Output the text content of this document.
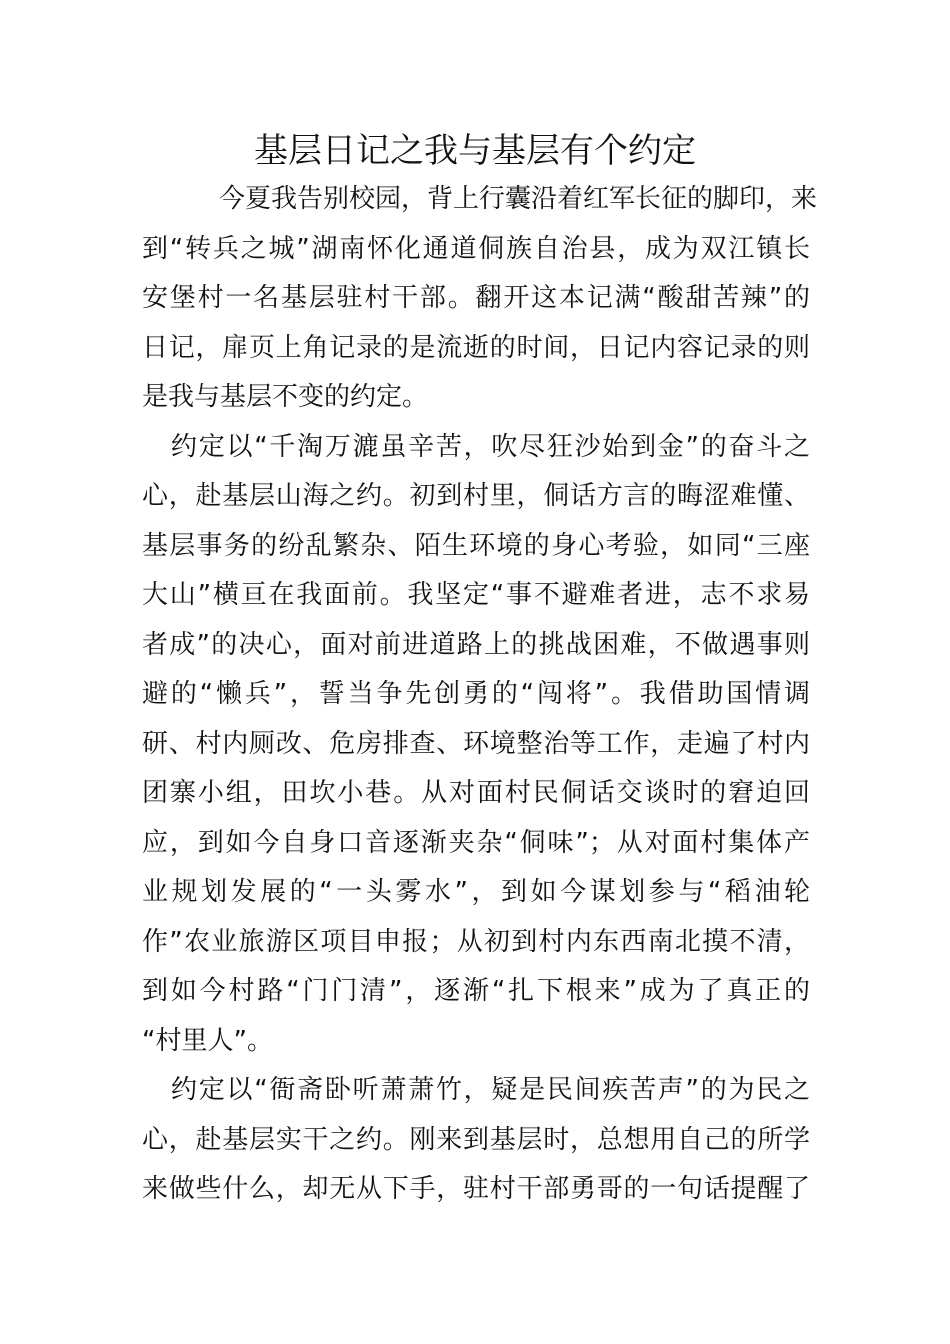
基层日记之我与基层有个约定
今夏我告别校园，背上行囊沿着红军长征的脚印，来
到“转兵之城”湖南怀化通道侗族自治县，成为双江镇长
安堡村一名基层驻村干部。翻开这本记满“酸甜苦辣”的
日记，扉页上角记录的是流逝的时间，日记内容记录的则
是我与基层不变的约定。
约定以“千淘万漉虽辛苦，吹尽狂沙始到金”的奋斗之
心，赴基层山海之约。初到村里，侗话方言的晦涩难懂、
基层事务的纷乱繁杂、陌生环境的身心考验，如同“三座
大山”横亘在我面前。我坚定“事不避难者进，志不求易
者成”的决心，面对前进道路上的挑战困难，不做遇事则
避的“懒兵”，誓当争先创勇的“闯将”。我借助国情调
研、村内厕改、危房排查、环境整治等工作，走遍了村内
团寨小组，田坎小巷。从对面村民侗话交谈时的窘迫回
应，到如今自身口音逐渐夹杂“侗味”；从对面村集体产
业规划发展的“一头雾水”，到如今谋划参与“稻油轮
作”农业旅游区项目申报；从初到村内东西南北摸不清，
到如今村路“门门清”，逐渐“扎下根来”成为了真正的
“村里人”。
约定以“衙斋卧听萧萧竹，疑是民间疾苦声”的为民之
心，赴基层实干之约。刚来到基层时，总想用自己的所学
来做些什么，却无从下手，驻村干部勇哥的一句话提醒了
